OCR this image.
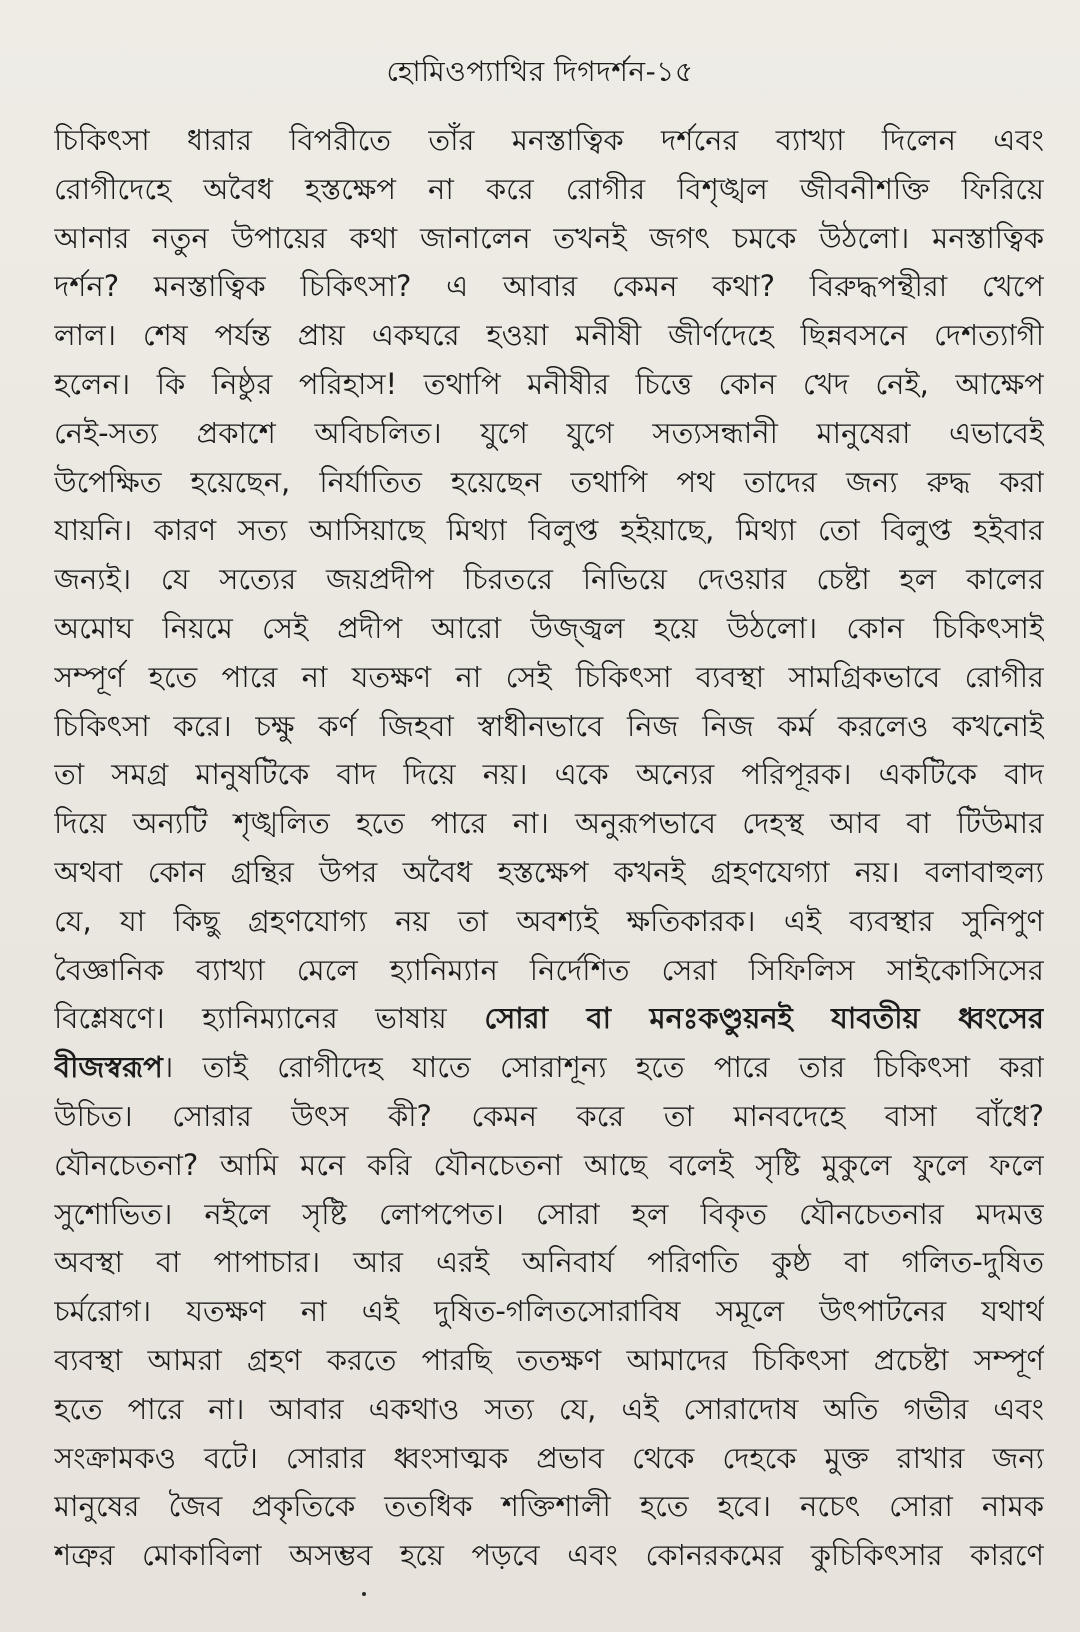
হোমিওপ্যাথির দিগদর্শন-১৫
চিকিৎসা ধারার বিপরীতে তাঁর মনস্তাত্বিক দর্শনের ব্যাখ্যা দিলেন এবং
রোগীদেহে অবৈধ হস্তক্ষেপ না করে রোগীর বিশৃঙ্খল জীবনীশক্তি ফিরিয়ে
আনার নতুন উপায়ের কথা জানালেন তখনই জগৎ চমকে উঠলো। মনস্তাত্বিক
দর্শন? মনস্তাত্বিক চিকিৎসা? এ আবার কেমন কথা? বিরুদ্ধপন্থীরা খেপে
লাল। শেষ পর্যন্ত প্রায় একঘরে হওয়া মনীষী জীর্ণদেহে ছিন্নবসনে দেশত্যাগী
হলেন। কি নিষ্ঠুর পরিহাস! তথাপি মনীষীর চিত্তে কোন খেদ নেই, আক্ষেপ
নেই-সত্য প্রকাশে অবিচলিত। যুগে যুগে সত্যসন্ধানী মানুষেরা এভাবেই
উপেক্ষিত হয়েছেন, নির্যাতিত হয়েছেন তথাপি পথ তাদের জন্য রুদ্ধ করা
যায়নি। কারণ সত্য আসিয়াছে মিথ্যা বিলুপ্ত হইয়াছে, মিথ্যা তো বিলুপ্ত হইবার
জন্যই। যে সত্যের জয়প্রদীপ চিরতরে নিভিয়ে দেওয়ার চেষ্টা হল কালের
অমোঘ নিয়মে সেই প্রদীপ আরো উজ্জ্বল হয়ে উঠলো। কোন চিকিৎসাই
সম্পূর্ণ হতে পারে না যতক্ষণ না সেই চিকিৎসা ব্যবস্থা সামগ্রিকভাবে রোগীর
চিকিৎসা করে। চক্ষু কর্ণ জিহবা স্বাধীনভাবে নিজ নিজ কর্ম করলেও কখনোই
তা সমগ্র মানুষটিকে বাদ দিয়ে নয়। একে অন্যের পরিপূরক। একটিকে বাদ
দিয়ে অন্যটি শৃঙ্খলিত হতে পারে না। অনুরূপভাবে দেহস্থ আব বা টিউমার
অথবা কোন গ্রন্থির উপর অবৈধ হস্তক্ষেপ কখনই গ্রহণযেগ্যা নয়। বলাবাহুল্য
যে, যা কিছু গ্রহণযোগ্য নয় তা অবশ্যই ক্ষতিকারক। এই ব্যবস্থার সুনিপুণ
বৈজ্ঞানিক ব্যাখ্যা মেলে হ্যানিম্যান নির্দেশিত সেরা সিফিলিস সাইকোসিসের
বিশ্লেষণে। হ্যানিম্যানের ভাষায় সোরা বা মনঃকণ্ডুয়নই যাবতীয় ধ্বংসের
বীজস্বরূপ। তাই রোগীদেহ যাতে সোরাশূন্য হতে পারে তার চিকিৎসা করা
উচিত। সোরার উৎস কী? কেমন করে তা মানবদেহে বাসা বাঁধে?
যৌনচেতনা? আমি মনে করি যৌনচেতনা আছে বলেই সৃষ্টি মুকুলে ফুলে ফলে
সুশোভিত। নইলে সৃষ্টি লোপপেত। সোরা হল বিকৃত যৌনচেতনার মদমত্ত
অবস্থা বা পাপাচার। আর এরই অনিবার্য পরিণতি কুষ্ঠ বা গলিত-দুষিত
চর্মরোগ। যতক্ষণ না এই দুষিত-গলিতসোরাবিষ সমূলে উৎপাটনের যথার্থ
ব্যবস্থা আমরা গ্রহণ করতে পারছি ততক্ষণ আমাদের চিকিৎসা প্রচেষ্টা সম্পূর্ণ
হতে পারে না। আবার একথাও সত্য যে, এই সোরাদোষ অতি গভীর এবং
সংক্রামকও বটে। সোরার ধ্বংসাত্মক প্রভাব থেকে দেহকে মুক্ত রাখার জন্য
মানুষের জৈব প্রকৃতিকে ততধিক শক্তিশালী হতে হবে। নচেৎ সোরা নামক
শত্রুর মোকাবিলা অসম্ভব হয়ে পড়বে এবং কোনরকমের কুচিকিৎসার কারণে
